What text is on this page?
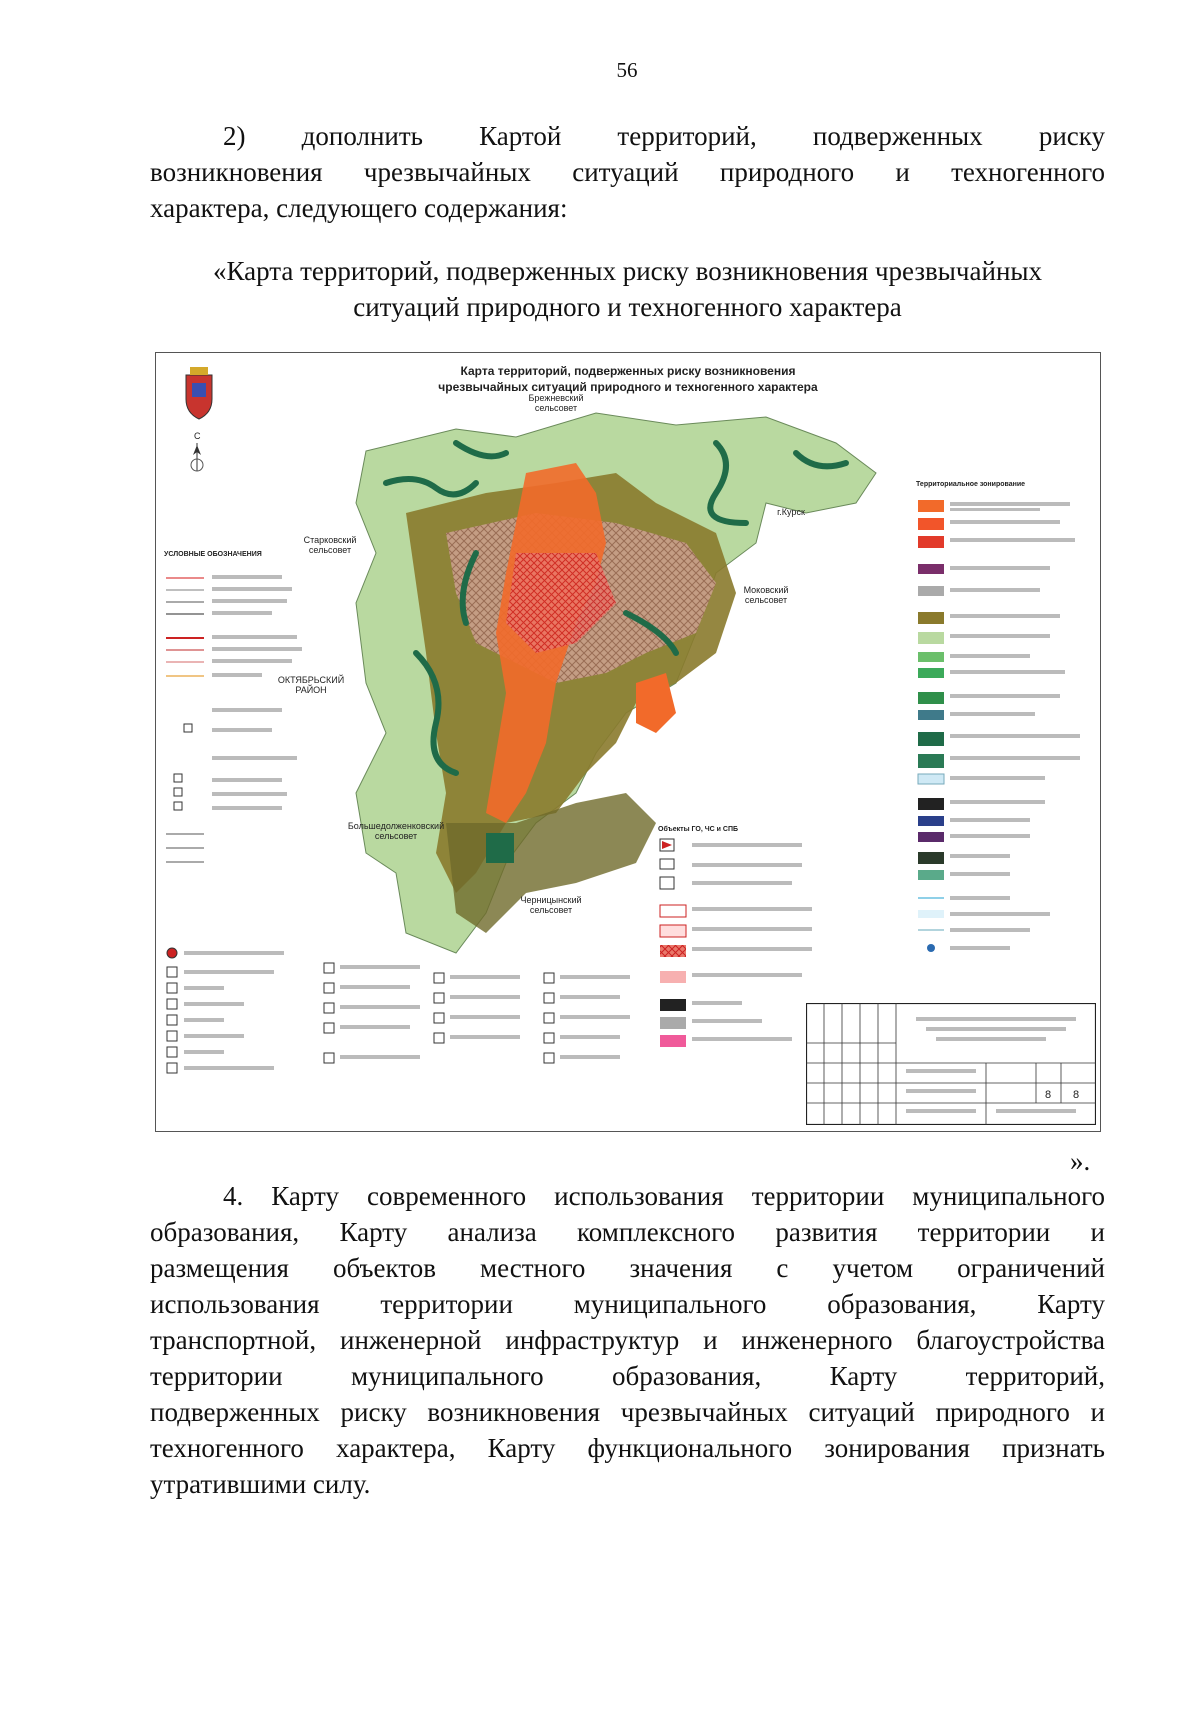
56
2) дополнить Картой территорий, подверженных риску
возникновения чрезвычайных ситуаций природного и техногенного
характера, следующего содержания:
«Карта территорий, подверженных риску возникновения чрезвычайных
ситуаций природного и техногенного характера
Карта территорий, подверженных риску возникновения
чрезвычайных ситуаций природного и техногенного характера
С
Брежневский
сельсовет
Старковский
сельсовет
г.Курск
Моковский
сельсовет
ОКТЯБРЬСКИЙ
РАЙОН
Большедолженковский
сельсовет
Черницынский
сельсовет
УСЛОВНЫЕ ОБОЗНАЧЕНИЯ
Территориальное зонирование
Объекты ГО, ЧС и СПБ
8 8
».
4. Карту современного использования территории муниципального
образования, Карту анализа комплексного развития территории и
размещения объектов местного значения с учетом ограничений
использования территории муниципального образования, Карту
транспортной, инженерной инфраструктур и инженерного благоустройства
территории муниципального образования, Карту территорий,
подверженных риску возникновения чрезвычайных ситуаций природного и
техногенного характера, Карту функционального зонирования признать
утратившими силу.
